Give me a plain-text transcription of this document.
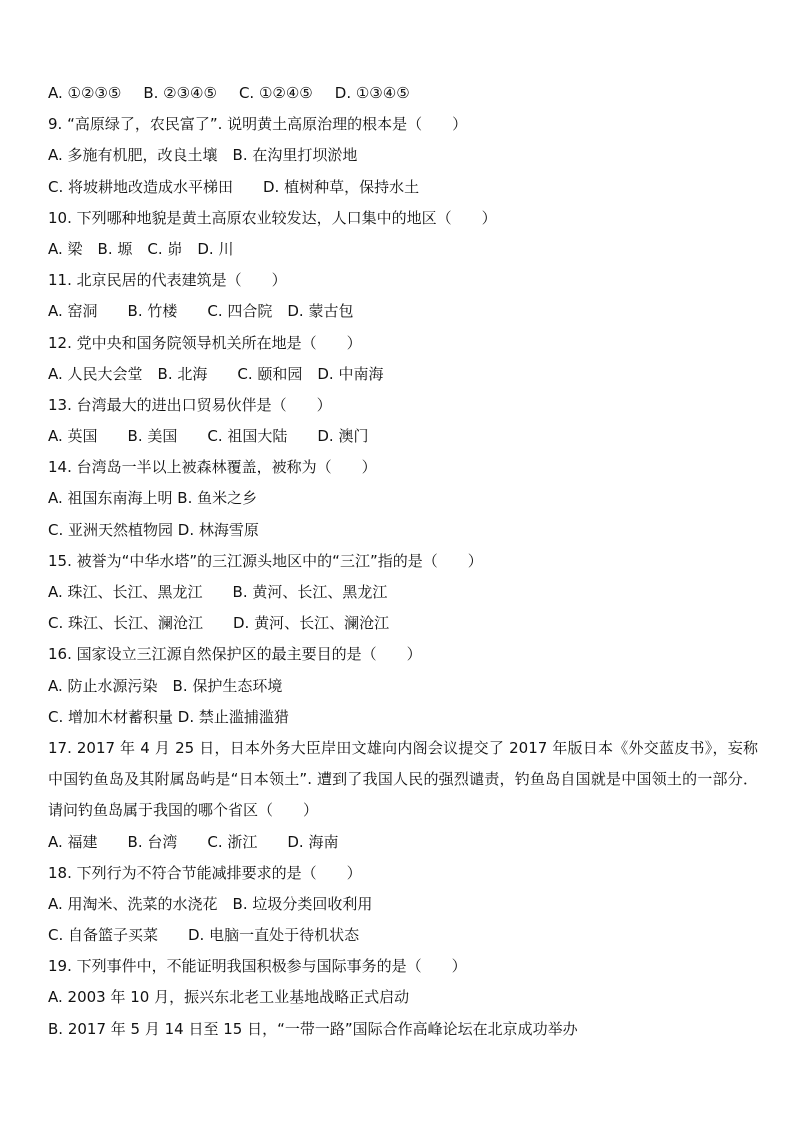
A. ①②③⑤ B. ②③④⑤ C. ①②④⑤ D. ①③④⑤
9. “高原绿了，农民富了”. 说明黄土高原治理的根本是（　　）
A. 多施有机肥，改良土壤　B. 在沟里打坝淤地
C. 将坡耕地改造成水平梯田　　D. 植树种草，保持水土
10. 下列哪种地貌是黄土高原农业较发达，人口集中的地区（　　）
A. 梁　B. 塬　C. 峁　D. 川
11. 北京民居的代表建筑是（　　）
A. 窑洞　　B. 竹楼　　C. 四合院　D. 蒙古包
12. 党中央和国务院领导机关所在地是（　　）
A. 人民大会堂　B. 北海　　C. 颐和园　D. 中南海
13. 台湾最大的进出口贸易伙伴是（　　）
A. 英国　　B. 美国　　C. 祖国大陆　　D. 澳门
14. 台湾岛一半以上被森林覆盖，被称为（　　）
A. 祖国东南海上明 B. 鱼米之乡
C. 亚洲天然植物园 D. 林海雪原
15. 被誉为“中华水塔”的三江源头地区中的“三江”指的是（　　）
A. 珠江、长江、黑龙江　　B. 黄河、长江、黑龙江
C. 珠江、长江、澜沧江　　D. 黄河、长江、澜沧江
16. 国家设立三江源自然保护区的最主要目的是（　　）
A. 防止水源污染　B. 保护生态环境
C. 增加木材蓄积量 D. 禁止滥捕滥猎
17. 2017 年 4 月 25 日，日本外务大臣岸田文雄向内阁会议提交了 2017 年版日本《外交蓝皮书》，妄称中国钓鱼岛及其附属岛屿是“日本领土”. 遭到了我国人民的强烈谴责，钓鱼岛自国就是中国领土的一部分．请问钓鱼岛属于我国的哪个省区（　　）
A. 福建　　B. 台湾　　C. 浙江　　D. 海南
18. 下列行为不符合节能减排要求的是（　　）
A. 用淘米、洗菜的水浇花　B. 垃圾分类回收利用
C. 自备篮子买菜　　D. 电脑一直处于待机状态
19. 下列事件中，不能证明我国积极参与国际事务的是（　　）
A. 2003 年 10 月，振兴东北老工业基地战略正式启动
B. 2017 年 5 月 14 日至 15 日，“一带一路”国际合作高峰论坛在北京成功举办
